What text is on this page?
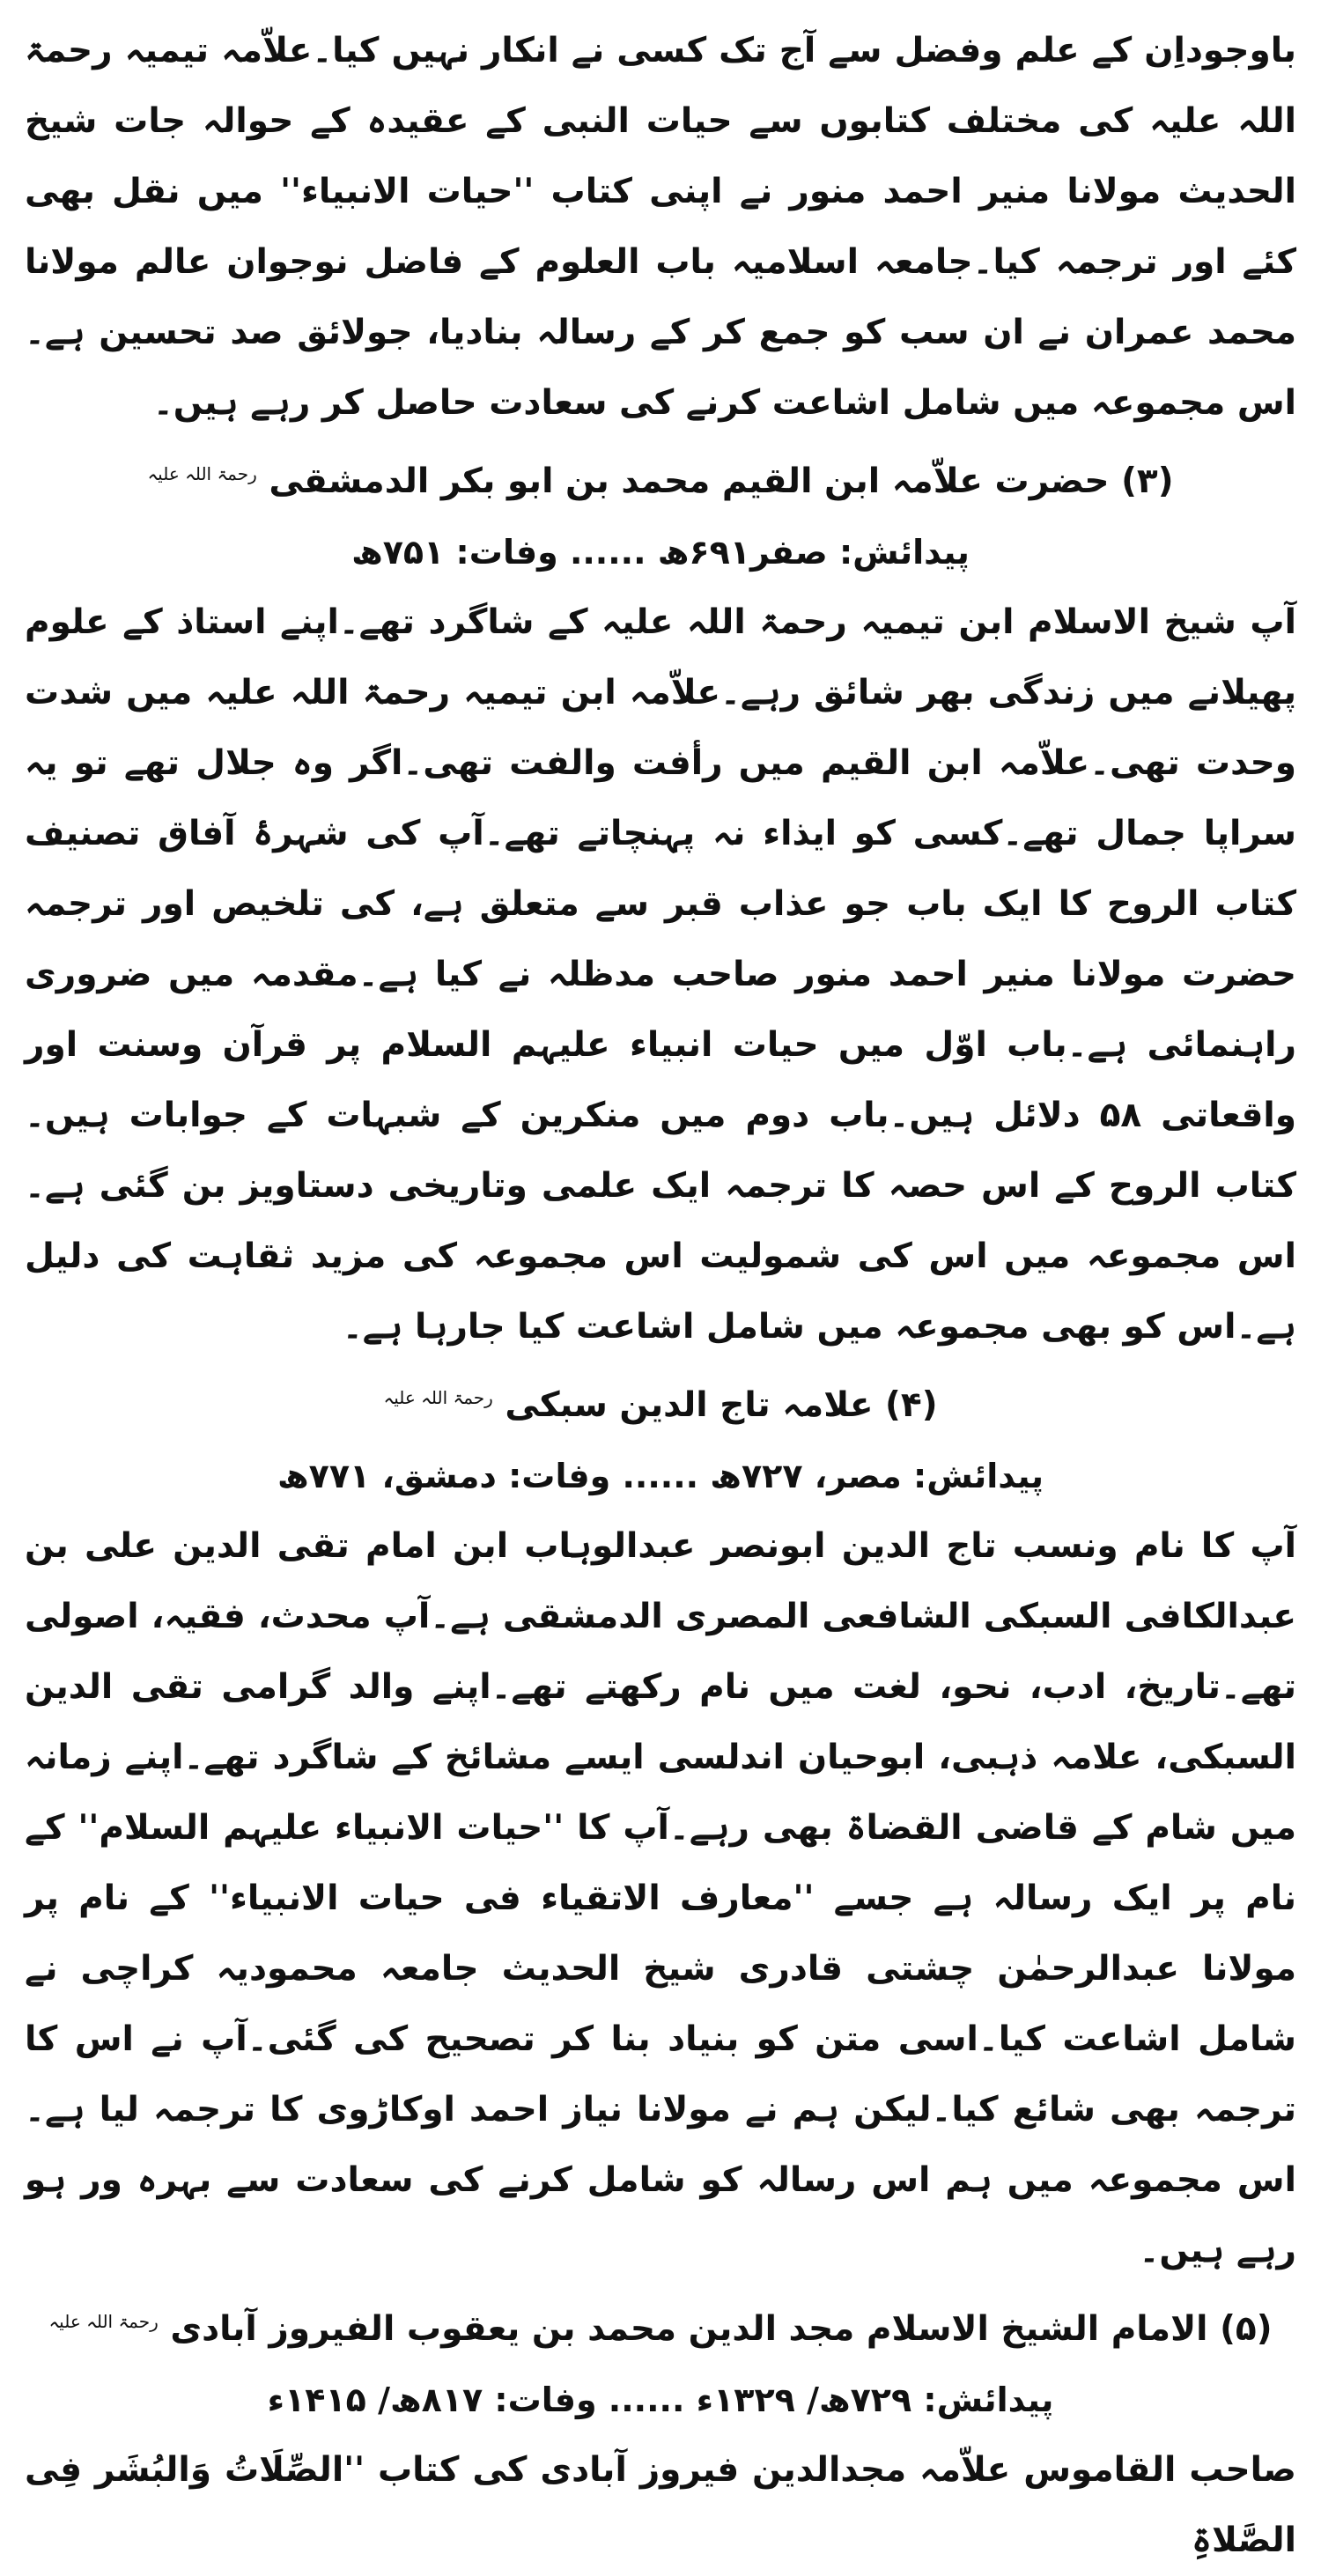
باوجوداِن کے علم وفضل سے آج تک کسی نے انکار نہیں کیا۔علاّمہ تیمیہ رحمۃ اللہ علیہ کی مختلف کتابوں سے حیات النبی کے عقیدہ کے حوالہ جات شیخ الحدیث مولانا منیر احمد منور نے اپنی کتاب ''حیات الانبیاء'' میں نقل بھی کئے اور ترجمہ کیا۔جامعہ اسلامیہ باب العلوم کے فاضل نوجوان عالم مولانا محمد عمران نے ان سب کو جمع کر کے رسالہ بنادیا، جولائق صد تحسین ہے۔اس مجموعہ میں شامل اشاعت کرنے کی سعادت حاصل کر رہے ہیں۔

(۳) حضرت علاّمہ ابن القیم محمد بن ابو بکر الدمشقی $^{رحمۃ اللہ علیہ}$

پیدائش: صفر۶۹۱ھ ...... وفات: ۷۵۱ھ

آپ شیخ الاسلام ابن تیمیہ رحمۃ اللہ علیہ کے شاگرد تھے۔اپنے استاذ کے علوم پھیلانے میں زندگی بھر شائق رہے۔علاّمہ ابن تیمیہ رحمۃ اللہ علیہ میں شدت وحدت تھی۔علاّمہ ابن القیم میں رأفت والفت تھی۔اگر وہ جلال تھے تو یہ سراپا جمال تھے۔کسی کو ایذاء نہ پہنچاتے تھے۔آپ کی شہرۂ آفاق تصنیف کتاب الروح کا ایک باب جو عذاب قبر سے متعلق ہے، کی تلخیص اور ترجمہ حضرت مولانا منیر احمد منور صاحب مدظلہ نے کیا ہے۔مقدمہ میں ضروری راہنمائی ہے۔باب اوّل میں حیات انبیاء علیہم السلام پر قرآن وسنت اور واقعاتی ۵۸ دلائل ہیں۔باب دوم میں منکرین کے شبہات کے جوابات ہیں۔کتاب الروح کے اس حصہ کا ترجمہ ایک علمی وتاریخی دستاویز بن گئی ہے۔اس مجموعہ میں اس کی شمولیت اس مجموعہ کی مزید ثقاہت کی دلیل ہے۔اس کو بھی مجموعہ میں شامل اشاعت کیا جارہا ہے۔

(۴) علامہ تاج الدین سبکی $^{رحمۃ اللہ علیہ}$

پیدائش: مصر، ۷۲۷ھ ...... وفات: دمشق، ۷۷۱ھ

آپ کا نام ونسب تاج الدین ابونصر عبدالوہاب ابن امام تقی الدین علی بن عبدالکافی السبکی الشافعی المصری الدمشقی ہے۔آپ محدث، فقیہ، اصولی تھے۔تاریخ، ادب، نحو، لغت میں نام رکھتے تھے۔اپنے والد گرامی تقی الدین السبکی، علامہ ذہبی، ابوحیان اندلسی ایسے مشائخ کے شاگرد تھے۔اپنے زمانہ میں شام کے قاضی القضاۃ بھی رہے۔آپ کا ''حیات الانبیاء علیہم السلام'' کے نام پر ایک رسالہ ہے جسے ''معارف الاتقیاء فی حیات الانبیاء'' کے نام پر مولانا عبدالرحمٰن چشتی قادری شیخ الحدیث جامعہ محمودیہ کراچی نے شامل اشاعت کیا۔اسی متن کو بنیاد بنا کر تصحیح کی گئی۔آپ نے اس کا ترجمہ بھی شائع کیا۔لیکن ہم نے مولانا نیاز احمد اوکاڑوی کا ترجمہ لیا ہے۔اس مجموعہ میں ہم اس رسالہ کو شامل کرنے کی سعادت سے بہرہ ور ہو رہے ہیں۔

(۵) الامام الشیخ الاسلام مجد الدین محمد بن یعقوب الفیروز آبادی $^{رحمۃ اللہ علیہ}$

پیدائش: ۷۲۹ھ/ ۱۳۲۹ء ...... وفات: ۸۱۷ھ/ ۱۴۱۵ء

صاحب القاموس علاّمہ مجدالدین فیروز آبادی کی کتاب ''الصِّلَاتُ وَالبُشَر فِی الصَّلاۃِ
